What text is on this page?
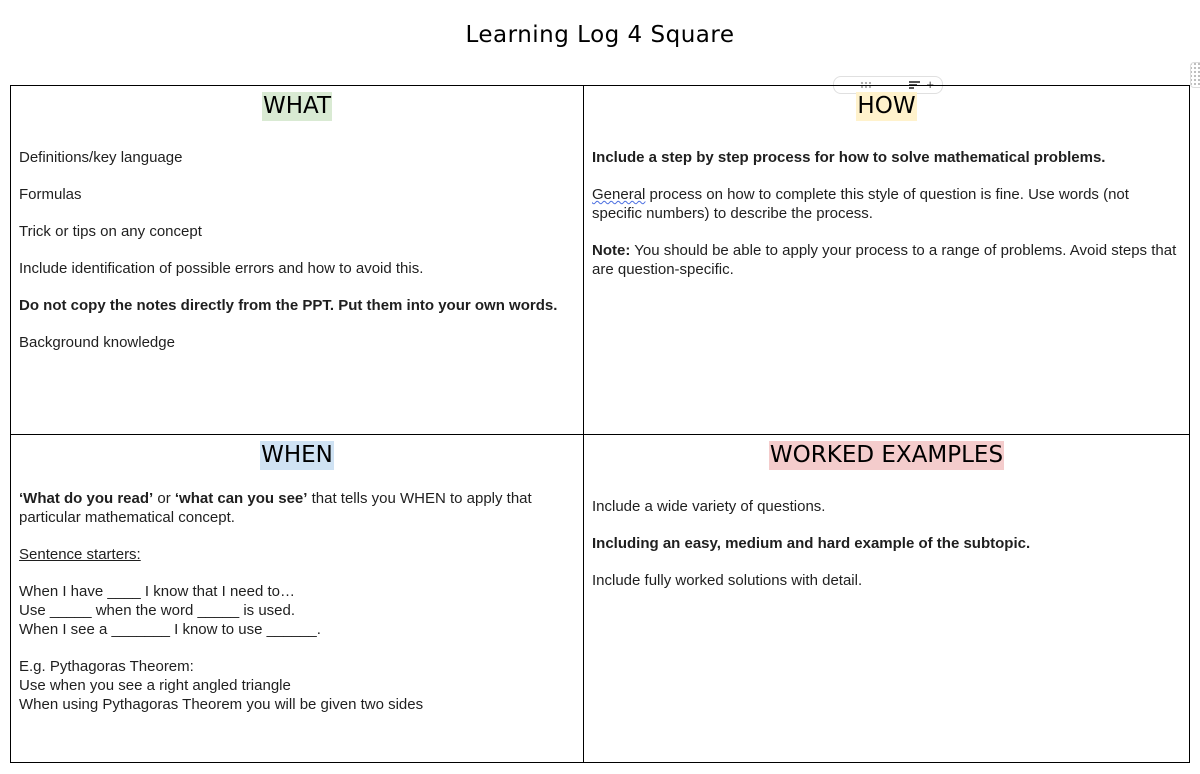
Learning Log 4 Square
+
WHAT

Definitions/key language

Formulas

Trick or tips on any concept

Include identification of possible errors and how to avoid this.

Do not copy the notes directly from the PPT. Put them into your own words.

Background knowledge

HOW

Include a step by step process for how to solve mathematical problems.

General process on how to complete this style of question is fine. Use words (not specific numbers) to describe the process.

Note: You should be able to apply your process to a range of problems. Avoid steps that are question-specific.

WHEN

‘What do you read’ or ‘what can you see’ that tells you WHEN to apply that particular mathematical concept.

Sentence starters:

When I have ____ I know that I need to…

Use _____ when the word _____ is used.

When I see a _______ I know to use ______.

E.g. Pythagoras Theorem:

Use when you see a right angled triangle

When using Pythagoras Theorem you will be given two sides

WORKED EXAMPLES

Include a wide variety of questions.

Including an easy, medium and hard example of the subtopic.

Include fully worked solutions with detail.
